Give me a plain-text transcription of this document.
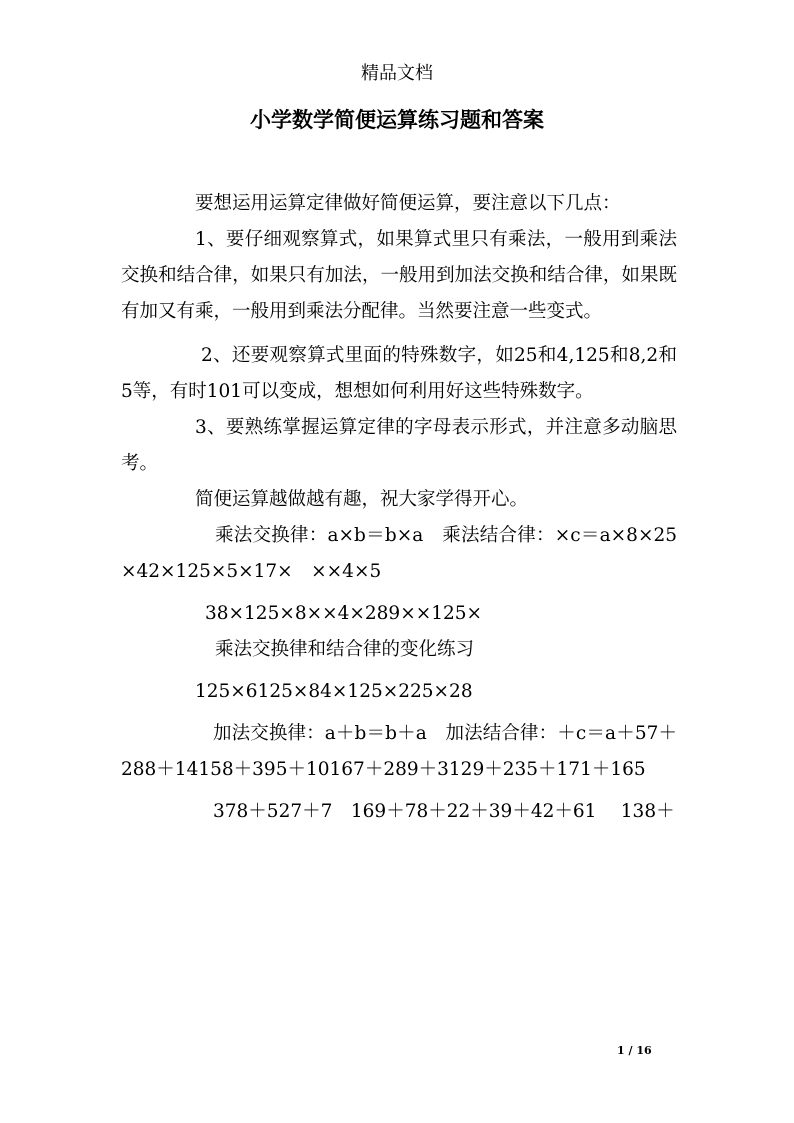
精品文档
小学数学简便运算练习题和答案

要想运用运算定律做好简便运算，要注意以下几点：

1、要仔细观察算式，如果算式里只有乘法，一般用到乘法交换和结合律，如果只有加法，一般用到加法交换和结合律，如果既有加又有乘，一般用到乘法分配律。当然要注意一些变式。

2、还要观察算式里面的特殊数字，如25和4,125和8,2和5等，有时101可以变成，想想如何利用好这些特殊数字。

3、要熟练掌握运算定律的字母表示形式，并注意多动脑思考。

简便运算越做越有趣，祝大家学得开心。

乘法交换律：a×b＝b×a　乘法结合律：×c＝a×8×25×42×125×5×17×　××4×5

38×125×8××4×289××125×

乘法交换律和结合律的变化练习

125×6125×84×125×225×28

加法交换律：a＋b＝b＋a　加法结合律：＋c＝a＋57＋288＋14158＋395＋10167＋289＋3129＋235＋171＋165

378＋527＋7　169＋78＋22＋39＋42＋61　 138＋

1 / 16
